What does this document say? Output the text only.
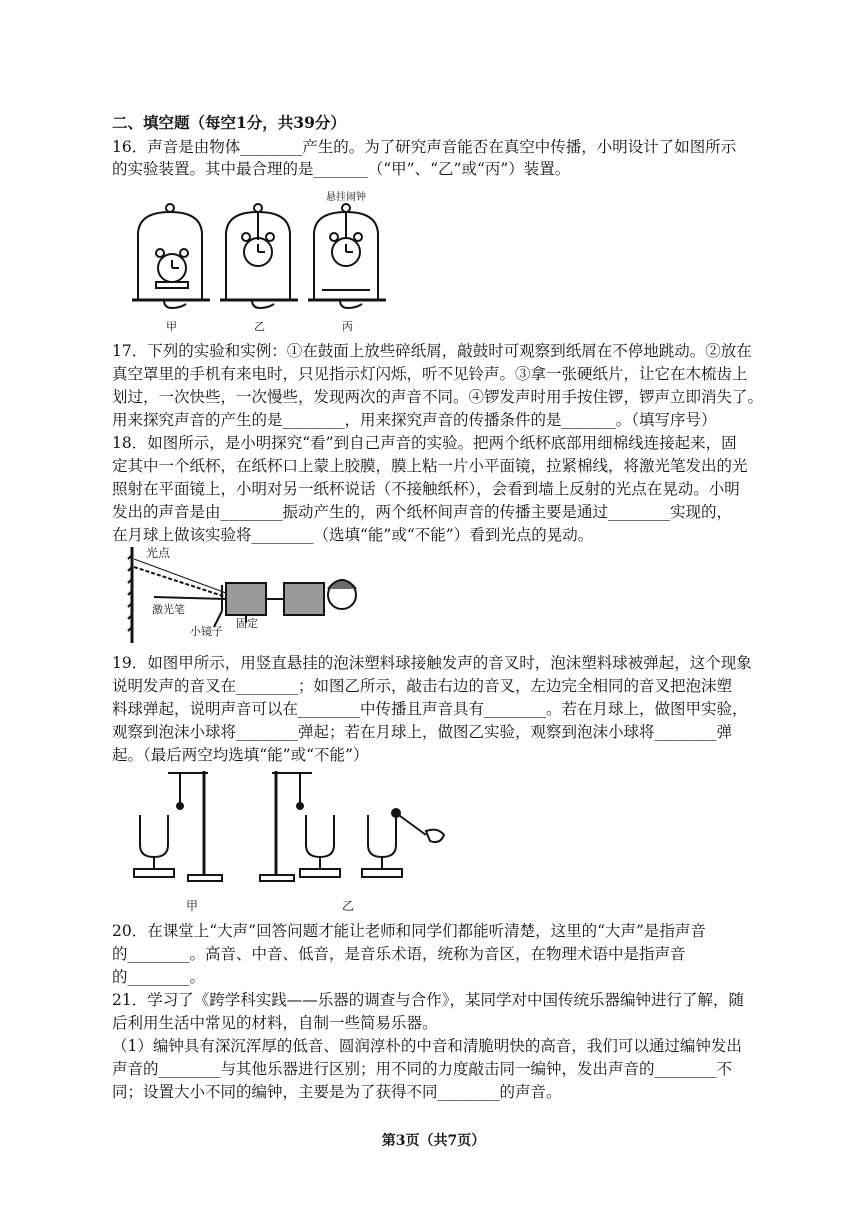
二、填空题（每空1分，共39分）
16．声音是由物体________产生的。为了研究声音能否在真空中传播，小明设计了如图所示
的实验装置。其中最合理的是_______（“甲”、“乙”或“丙”）装置。
悬挂闹钟
甲	乙	丙
17．下列的实验和实例：①在鼓面上放些碎纸屑，敲鼓时可观察到纸屑在不停地跳动。②放在
真空罩里的手机有来电时，只见指示灯闪烁，听不见铃声。③拿一张硬纸片，让它在木梳齿上
划过，一次快些，一次慢些，发现两次的声音不同。④锣发声时用手按住锣，锣声立即消失了。
用来探究声音的产生的是________，用来探究声音的传播条件的是_______。（填写序号）
18．如图所示，是小明探究“看”到自己声音的实验。把两个纸杯底部用细棉线连接起来，固
定其中一个纸杯，在纸杯口上蒙上胶膜，膜上粘一片小平面镜，拉紧棉线，将激光笔发出的光
照射在平面镜上，小明对另一纸杯说话（不接触纸杯），会看到墙上反射的光点在晃动。小明
发出的声音是由________振动产生的，两个纸杯间声音的传播主要是通过________实现的，
在月球上做该实验将________（选填“能”或“不能”）看到光点的晃动。
光点
激光笔
小镜子
固定
19．如图甲所示，用竖直悬挂的泡沫塑料球接触发声的音叉时，泡沫塑料球被弹起，这个现象
说明发声的音叉在________；如图乙所示，敲击右边的音叉，左边完全相同的音叉把泡沫塑
料球弹起，说明声音可以在________中传播且声音具有________。若在月球上，做图甲实验，
观察到泡沫小球将________弹起；若在月球上，做图乙实验，观察到泡沫小球将________弹
起。（最后两空均选填“能”或“不能”）
甲	乙
20．在课堂上“大声”回答问题才能让老师和同学们都能听清楚，这里的“大声”是指声音
的________。高音、中音、低音，是音乐术语，统称为音区，在物理术语中是指声音
的________。
21．学习了《跨学科实践——乐器的调查与合作》，某同学对中国传统乐器编钟进行了解，随
后利用生活中常见的材料，自制一些简易乐器。
（1）编钟具有深沉浑厚的低音、圆润淳朴的中音和清脆明快的高音，我们可以通过编钟发出
声音的________与其他乐器进行区别；用不同的力度敲击同一编钟，发出声音的________不
同；设置大小不同的编钟，主要是为了获得不同________的声音。
第3页（共7页）
